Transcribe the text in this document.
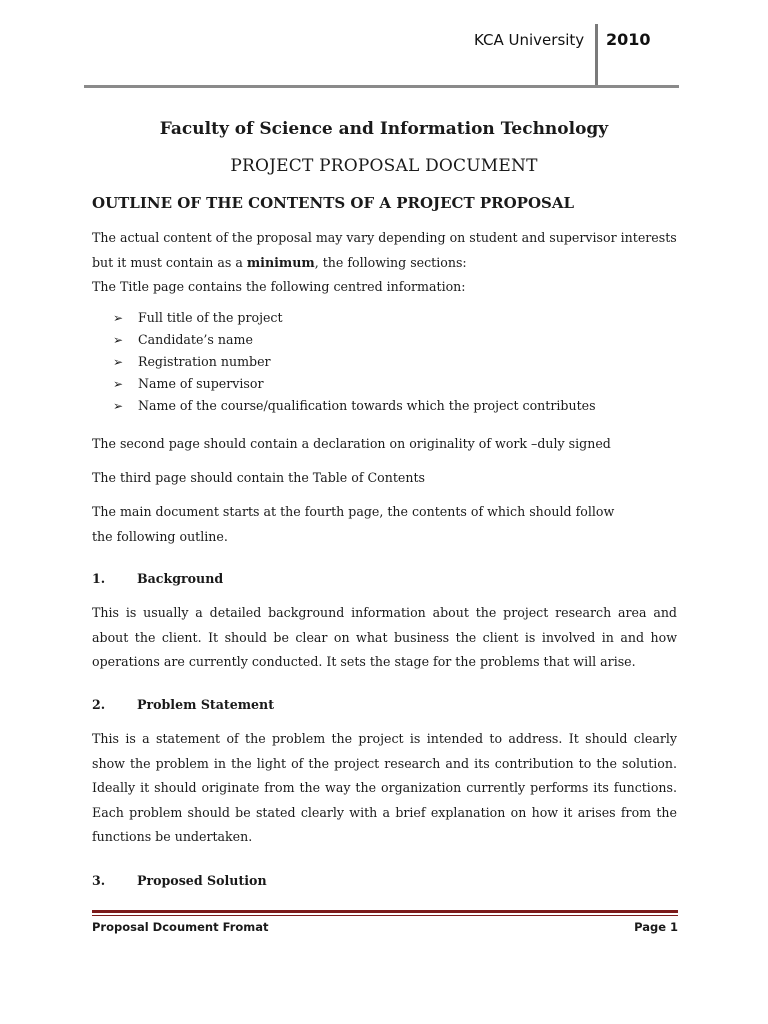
KCA University 2010
Faculty of Science and Information Technology
PROJECT PROPOSAL DOCUMENT
OUTLINE OF THE CONTENTS OF A PROJECT PROPOSAL
The actual content of the proposal may vary depending on student and supervisor interests but it must contain as a minimum, the following sections:
The Title page contains the following centred information:
➢ Full title of the project
➢ Candidate’s name
➢ Registration number
➢ Name of supervisor
➢ Name of the course/qualification towards which the project contributes
The second page should contain a declaration on originality of work –duly signed
The third page should contain the Table of Contents
The main document starts at the fourth page, the contents of which should follow the following outline.
1.	Background
This is usually a detailed background information about the project research area and about the client. It should be clear on what business the client is involved in and how operations are currently conducted. It sets the stage for the problems that will arise.
2.	Problem Statement
This is a statement of the problem the project is intended to address. It should clearly show the problem in the light of the project research and its contribution to the solution. Ideally it should originate from the way the organization currently performs its functions. Each problem should be stated clearly with a brief explanation on how it arises from the functions be undertaken.
3.	Proposed Solution
Proposal Dcoument Fromat	Page 1
